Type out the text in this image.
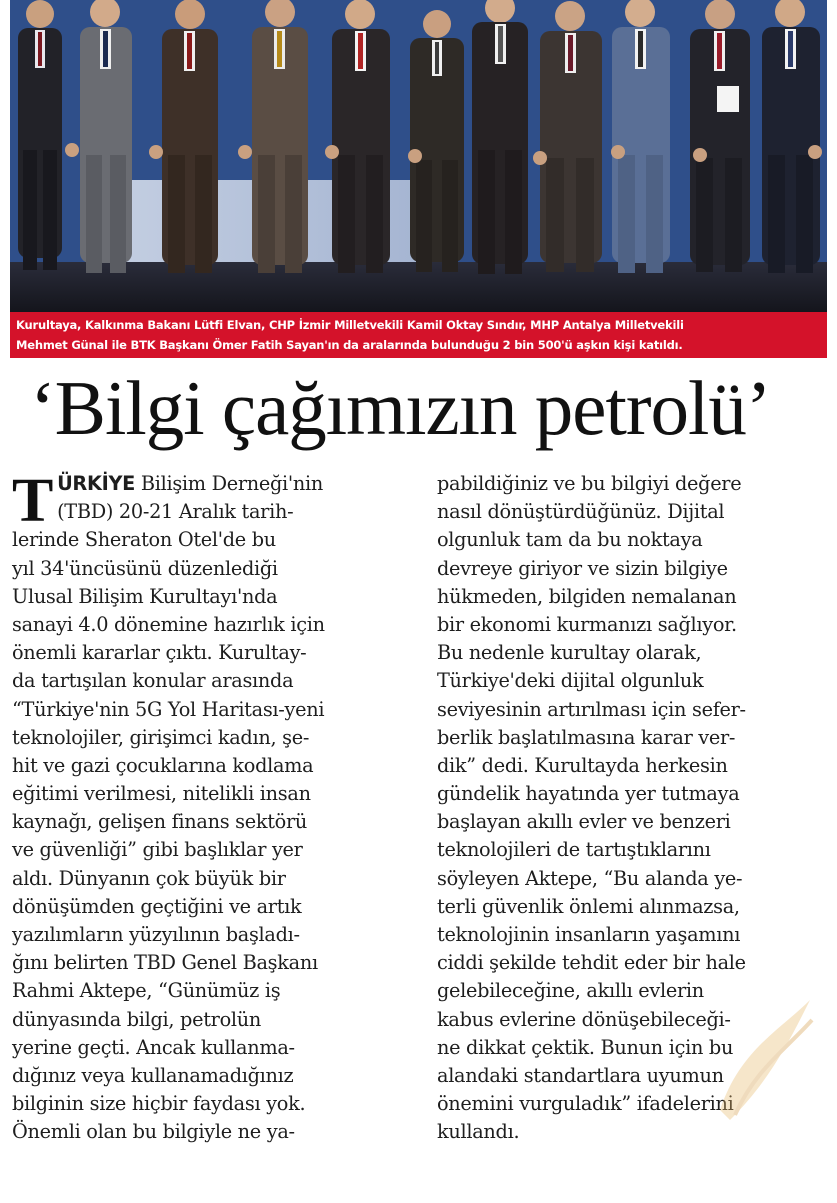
Kurultaya, Kalkınma Bakanı Lütfi Elvan, CHP İzmir Milletvekili Kamil Oktay Sındır, MHP Antalya Milletvekili
Mehmet Günal ile BTK Başkanı Ömer Fatih Sayan'ın da aralarında bulunduğu 2 bin 500'ü aşkın kişi katıldı.
‘Bilgi çağımızın petrolü’
T ÜRKİYE Bilişim Derneği'nin
(TBD) 20-21 Aralık tarih-
lerinde Sheraton Otel'de bu
yıl 34'üncüsünü düzenlediği
Ulusal Bilişim Kurultayı'nda
sanayi 4.0 dönemine hazırlık için
önemli kararlar çıktı. Kurultay-
da tartışılan konular arasında
“Türkiye'nin 5G Yol Haritası-yeni
teknolojiler, girişimci kadın, şe-
hit ve gazi çocuklarına kodlama
eğitimi verilmesi, nitelikli insan
kaynağı, gelişen finans sektörü
ve güvenliği” gibi başlıklar yer
aldı. Dünyanın çok büyük bir
dönüşümden geçtiğini ve artık
yazılımların yüzyılının başladı-
ğını belirten TBD Genel Başkanı
Rahmi Aktepe, “Günümüz iş
dünyasında bilgi, petrolün
yerine geçti. Ancak kullanma-
dığınız veya kullanamadığınız
bilginin size hiçbir faydası yok.
Önemli olan bu bilgiyle ne ya-
pabildiğiniz ve bu bilgiyi değere
nasıl dönüştürdüğünüz. Dijital
olgunluk tam da bu noktaya
devreye giriyor ve sizin bilgiye
hükmeden, bilgiden nemalanan
bir ekonomi kurmanızı sağlıyor.
Bu nedenle kurultay olarak,
Türkiye'deki dijital olgunluk
seviyesinin artırılması için sefer-
berlik başlatılmasına karar ver-
dik” dedi. Kurultayda herkesin
gündelik hayatında yer tutmaya
başlayan akıllı evler ve benzeri
teknolojileri de tartıştıklarını
söyleyen Aktepe, “Bu alanda ye-
terli güvenlik önlemi alınmazsa,
teknolojinin insanların yaşamını
ciddi şekilde tehdit eder bir hale
gelebileceğine, akıllı evlerin
kabus evlerine dönüşebileceği-
ne dikkat çektik. Bunun için bu
alandaki standartlara uyumun
önemini vurguladık” ifadelerini
kullandı.
